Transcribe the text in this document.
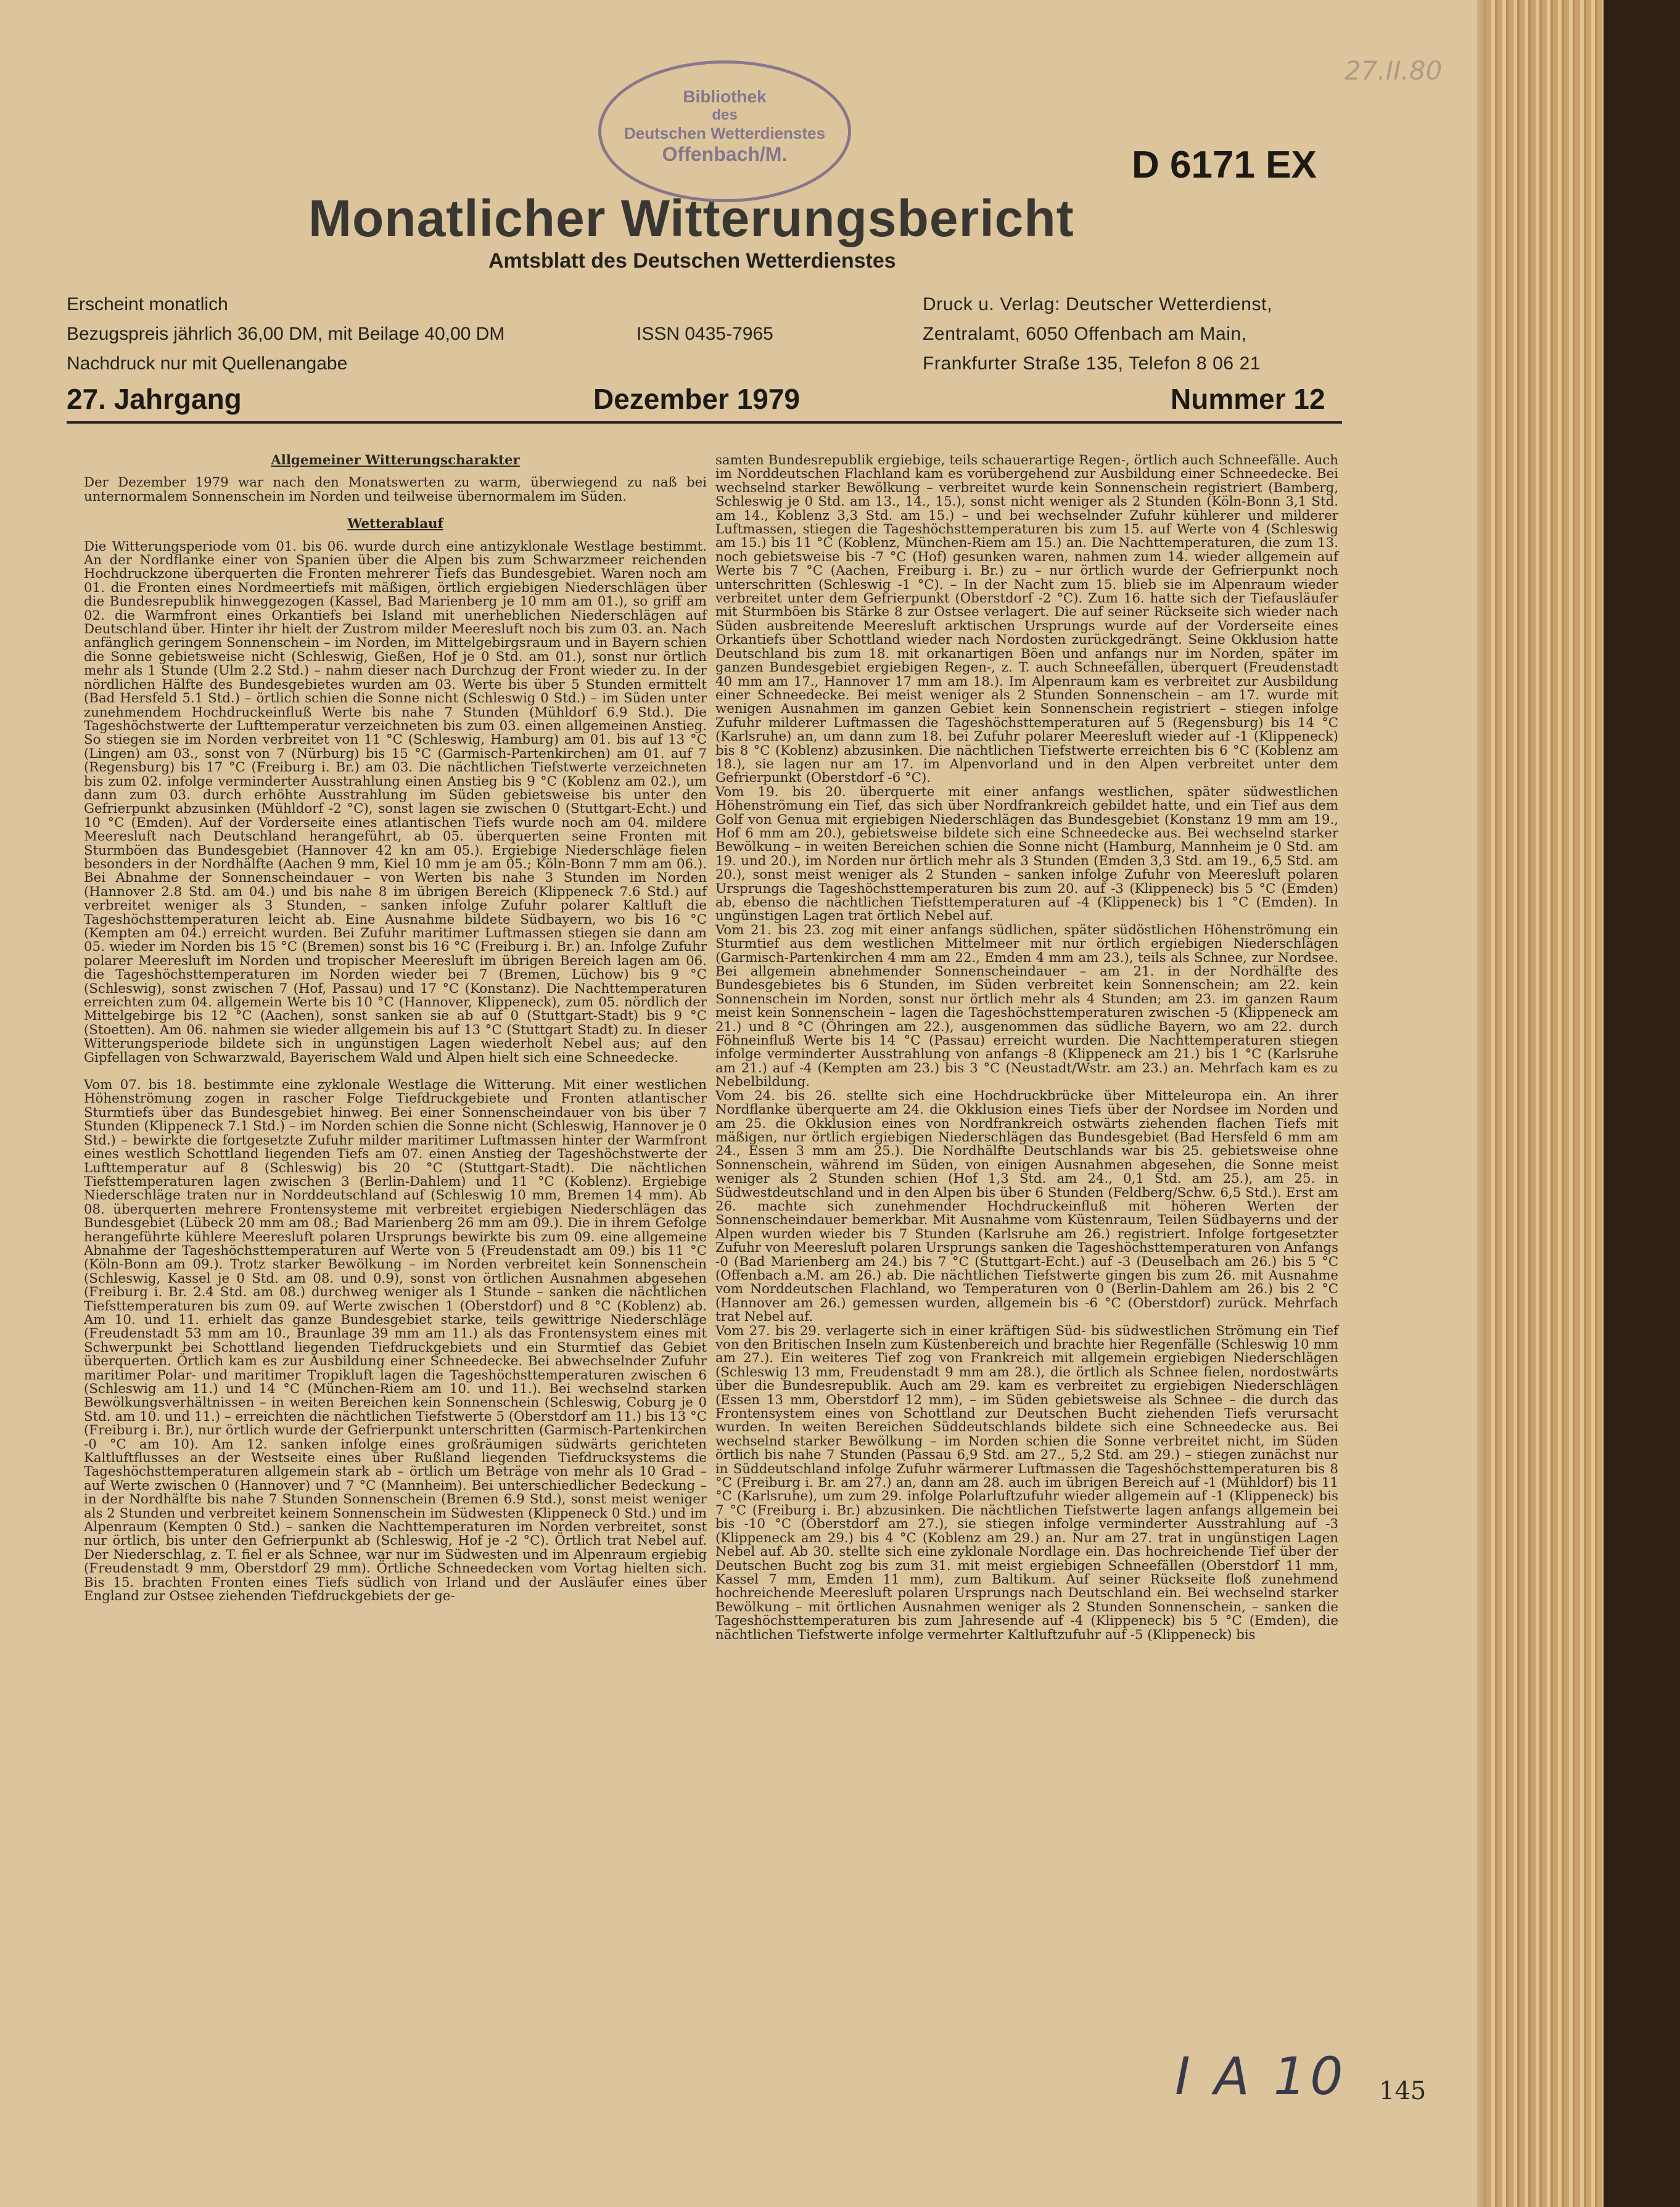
Bibliothek
des
Deutschen Wetterdienstes
Offenbach/M.
27.II.80
D 6171 EX
Monatlicher Witterungsbericht
Amtsblatt des Deutschen Wetterdienstes
Erscheint monatlich
Bezugspreis jährlich 36,00 DM, mit Beilage 40,00 DM
Nachdruck nur mit Quellenangabe
ISSN 0435-7965
Druck u. Verlag: Deutscher Wetterdienst,
Zentralamt, 6050 Offenbach am Main,
Frankfurter Straße 135, Telefon 8 06 21
27. Jahrgang	Dezember 1979	Nummer 12

Allgemeiner Witterungscharakter

Der Dezember 1979 war nach den Monatswerten zu warm, überwiegend zu naß bei unternormalem Sonnenschein im Norden und teilweise übernormalem im Süden.

Wetterablauf

Die Witterungsperiode vom 01. bis 06. wurde durch eine antizyklonale Westlage bestimmt. An der Nordflanke einer von Spanien über die Alpen bis zum Schwarzmeer reichenden Hochdruckzone überquerten die Fronten mehrerer Tiefs das Bundesgebiet. Waren noch am 01. die Fronten eines Nordmeertiefs mit mäßigen, örtlich ergiebigen Niederschlägen über die Bundesrepublik hinweggezogen (Kassel, Bad Marienberg je 10 mm am 01.), so griff am 02. die Warmfront eines Orkantiefs bei Island mit unerheblichen Niederschlägen auf Deutschland über. Hinter ihr hielt der Zustrom milder Meeresluft noch bis zum 03. an. Nach anfänglich geringem Sonnenschein – im Norden, im Mittelgebirgsraum und in Bayern schien die Sonne gebietsweise nicht (Schleswig, Gießen, Hof je 0 Std. am 01.), sonst nur örtlich mehr als 1 Stunde (Ulm 2.2 Std.) – nahm dieser nach Durchzug der Front wieder zu. In der nördlichen Hälfte des Bundesgebietes wurden am 03. Werte bis über 5 Stunden ermittelt (Bad Hersfeld 5.1 Std.) – örtlich schien die Sonne nicht (Schleswig 0 Std.) – im Süden unter zunehmendem Hochdruckeinfluß Werte bis nahe 7 Stunden (Mühldorf 6.9 Std.). Die Tageshöchstwerte der Lufttemperatur verzeichneten bis zum 03. einen allgemeinen Anstieg. So stiegen sie im Norden verbreitet von 11 °C (Schleswig, Hamburg) am 01. bis auf 13 °C (Lingen) am 03., sonst von 7 (Nürburg) bis 15 °C (Garmisch-Partenkirchen) am 01. auf 7 (Regensburg) bis 17 °C (Freiburg i. Br.) am 03. Die nächtlichen Tiefstwerte verzeichneten bis zum 02. infolge verminderter Ausstrahlung einen Anstieg bis 9 °C (Koblenz am 02.), um dann zum 03. durch erhöhte Ausstrahlung im Süden gebietsweise bis unter den Gefrierpunkt abzusinken (Mühldorf -2 °C), sonst lagen sie zwischen 0 (Stuttgart-Echt.) und 10 °C (Emden). Auf der Vorderseite eines atlantischen Tiefs wurde noch am 04. mildere Meeresluft nach Deutschland herangeführt, ab 05. überquerten seine Fronten mit Sturmböen das Bundesgebiet (Hannover 42 kn am 05.). Ergiebige Niederschläge fielen besonders in der Nordhälfte (Aachen 9 mm, Kiel 10 mm je am 05.; Köln-Bonn 7 mm am 06.). Bei Abnahme der Sonnenscheindauer – von Werten bis nahe 3 Stunden im Norden (Hannover 2.8 Std. am 04.) und bis nahe 8 im übrigen Bereich (Klippeneck 7.6 Std.) auf verbreitet weniger als 3 Stunden, – sanken infolge Zufuhr polarer Kaltluft die Tageshöchsttemperaturen leicht ab. Eine Ausnahme bildete Südbayern, wo bis 16 °C (Kempten am 04.) erreicht wurden. Bei Zufuhr maritimer Luftmassen stiegen sie dann am 05. wieder im Norden bis 15 °C (Bremen) sonst bis 16 °C (Freiburg i. Br.) an. Infolge Zufuhr polarer Meeresluft im Norden und tropischer Meeresluft im übrigen Bereich lagen am 06. die Tageshöchsttemperaturen im Norden wieder bei 7 (Bremen, Lüchow) bis 9 °C (Schleswig), sonst zwischen 7 (Hof, Passau) und 17 °C (Konstanz). Die Nachttemperaturen erreichten zum 04. allgemein Werte bis 10 °C (Hannover, Klippeneck), zum 05. nördlich der Mittelgebirge bis 12 °C (Aachen), sonst sanken sie ab auf 0 (Stuttgart-Stadt) bis 9 °C (Stoetten). Am 06. nahmen sie wieder allgemein bis auf 13 °C (Stuttgart Stadt) zu. In dieser Witterungsperiode bildete sich in ungünstigen Lagen wiederholt Nebel aus; auf den Gipfellagen von Schwarzwald, Bayerischem Wald und Alpen hielt sich eine Schneedecke.

Vom 07. bis 18. bestimmte eine zyklonale Westlage die Witterung. Mit einer westlichen Höhenströmung zogen in rascher Folge Tiefdruckgebiete und Fronten atlantischer Sturmtiefs über das Bundesgebiet hinweg. Bei einer Sonnenscheindauer von bis über 7 Stunden (Klippeneck 7.1 Std.) – im Norden schien die Sonne nicht (Schleswig, Hannover je 0 Std.) – bewirkte die fortgesetzte Zufuhr milder maritimer Luftmassen hinter der Warmfront eines westlich Schottland liegenden Tiefs am 07. einen Anstieg der Tageshöchstwerte der Lufttemperatur auf 8 (Schleswig) bis 20 °C (Stuttgart-Stadt). Die nächtlichen Tiefsttemperaturen lagen zwischen 3 (Berlin-Dahlem) und 11 °C (Koblenz). Ergiebige Niederschläge traten nur in Norddeutschland auf (Schleswig 10 mm, Bremen 14 mm). Ab 08. überquerten mehrere Frontensysteme mit verbreitet ergiebigen Niederschlägen das Bundesgebiet (Lübeck 20 mm am 08.; Bad Marienberg 26 mm am 09.). Die in ihrem Gefolge herangeführte kühlere Meeresluft polaren Ursprungs bewirkte bis zum 09. eine allgemeine Abnahme der Tageshöchsttemperaturen auf Werte von 5 (Freudenstadt am 09.) bis 11 °C (Köln-Bonn am 09.). Trotz starker Bewölkung – im Norden verbreitet kein Sonnenschein (Schleswig, Kassel je 0 Std. am 08. und 0.9), sonst von örtlichen Ausnahmen abgesehen (Freiburg i. Br. 2.4 Std. am 08.) durchweg weniger als 1 Stunde – sanken die nächtlichen Tiefsttemperaturen bis zum 09. auf Werte zwischen 1 (Oberstdorf) und 8 °C (Koblenz) ab. Am 10. und 11. erhielt das ganze Bundesgebiet starke, teils gewittrige Niederschläge (Freudenstadt 53 mm am 10., Braunlage 39 mm am 11.) als das Frontensystem eines mit Schwerpunkt bei Schottland liegenden Tiefdruckgebiets und ein Sturmtief das Gebiet überquerten. Örtlich kam es zur Ausbildung einer Schneedecke. Bei abwechselnder Zufuhr maritimer Polar- und maritimer Tropikluft lagen die Tageshöchsttemperaturen zwischen 6 (Schleswig am 11.) und 14 °C (München-Riem am 10. und 11.). Bei wechselnd starken Bewölkungsverhältnissen – in weiten Bereichen kein Sonnenschein (Schleswig, Coburg je 0 Std. am 10. und 11.) – erreichten die nächtlichen Tiefstwerte 5 (Oberstdorf am 11.) bis 13 °C (Freiburg i. Br.), nur örtlich wurde der Gefrierpunkt unterschritten (Garmisch-Partenkirchen -0 °C am 10). Am 12. sanken infolge eines großräumigen südwärts gerichteten Kaltluftflusses an der Westseite eines über Rußland liegenden Tiefdrucksystems die Tageshöchsttemperaturen allgemein stark ab – örtlich um Beträge von mehr als 10 Grad – auf Werte zwischen 0 (Hannover) und 7 °C (Mannheim). Bei unterschiedlicher Bedeckung – in der Nordhälfte bis nahe 7 Stunden Sonnenschein (Bremen 6.9 Std.), sonst meist weniger als 2 Stunden und verbreitet keinem Sonnenschein im Südwesten (Klippeneck 0 Std.) und im Alpenraum (Kempten 0 Std.) – sanken die Nachttemperaturen im Norden verbreitet, sonst nur örtlich, bis unter den Gefrierpunkt ab (Schleswig, Hof je -2 °C). Örtlich trat Nebel auf. Der Niederschlag, z. T. fiel er als Schnee, war nur im Südwesten und im Alpenraum ergiebig (Freudenstadt 9 mm, Oberstdorf 29 mm). Örtliche Schneedecken vom Vortag hielten sich. Bis 15. brachten Fronten eines Tiefs südlich von Irland und der Ausläufer eines über England zur Ostsee ziehenden Tiefdruckgebiets der ge-

samten Bundesrepublik ergiebige, teils schauerartige Regen-, örtlich auch Schneefälle. Auch im Norddeutschen Flachland kam es vorübergehend zur Ausbildung einer Schneedecke. Bei wechselnd starker Bewölkung – verbreitet wurde kein Sonnenschein registriert (Bamberg, Schleswig je 0 Std. am 13., 14., 15.), sonst nicht weniger als 2 Stunden (Köln-Bonn 3,1 Std. am 14., Koblenz 3,3 Std. am 15.) – und bei wechselnder Zufuhr kühlerer und milderer Luftmassen, stiegen die Tageshöchsttemperaturen bis zum 15. auf Werte von 4 (Schleswig am 15.) bis 11 °C (Koblenz, München-Riem am 15.) an. Die Nachttemperaturen, die zum 13. noch gebietsweise bis -7 °C (Hof) gesunken waren, nahmen zum 14. wieder allgemein auf Werte bis 7 °C (Aachen, Freiburg i. Br.) zu – nur örtlich wurde der Gefrierpunkt noch unterschritten (Schleswig -1 °C). – In der Nacht zum 15. blieb sie im Alpenraum wieder verbreitet unter dem Gefrierpunkt (Oberstdorf -2 °C). Zum 16. hatte sich der Tiefausläufer mit Sturmböen bis Stärke 8 zur Ostsee verlagert. Die auf seiner Rückseite sich wieder nach Süden ausbreitende Meeresluft arktischen Ursprungs wurde auf der Vorderseite eines Orkantiefs über Schottland wieder nach Nordosten zurückgedrängt. Seine Okklusion hatte Deutschland bis zum 18. mit orkanartigen Böen und anfangs nur im Norden, später im ganzen Bundesgebiet ergiebigen Regen-, z. T. auch Schneefällen, überquert (Freudenstadt 40 mm am 17., Hannover 17 mm am 18.). Im Alpenraum kam es verbreitet zur Ausbildung einer Schneedecke. Bei meist weniger als 2 Stunden Sonnenschein – am 17. wurde mit wenigen Ausnahmen im ganzen Gebiet kein Sonnenschein registriert – stiegen infolge Zufuhr milderer Luftmassen die Tageshöchsttemperaturen auf 5 (Regensburg) bis 14 °C (Karlsruhe) an, um dann zum 18. bei Zufuhr polarer Meeresluft wieder auf -1 (Klippeneck) bis 8 °C (Koblenz) abzusinken. Die nächtlichen Tiefstwerte erreichten bis 6 °C (Koblenz am 18.), sie lagen nur am 17. im Alpenvorland und in den Alpen verbreitet unter dem Gefrierpunkt (Oberstdorf -6 °C).

Vom 19. bis 20. überquerte mit einer anfangs westlichen, später südwestlichen Höhenströmung ein Tief, das sich über Nordfrankreich gebildet hatte, und ein Tief aus dem Golf von Genua mit ergiebigen Niederschlägen das Bundesgebiet (Konstanz 19 mm am 19., Hof 6 mm am 20.), gebietsweise bildete sich eine Schneedecke aus. Bei wechselnd starker Bewölkung – in weiten Bereichen schien die Sonne nicht (Hamburg, Mannheim je 0 Std. am 19. und 20.), im Norden nur örtlich mehr als 3 Stunden (Emden 3,3 Std. am 19., 6,5 Std. am 20.), sonst meist weniger als 2 Stunden – sanken infolge Zufuhr von Meeresluft polaren Ursprungs die Tageshöchsttemperaturen bis zum 20. auf -3 (Klippeneck) bis 5 °C (Emden) ab, ebenso die nächtlichen Tiefsttemperaturen auf -4 (Klippeneck) bis 1 °C (Emden). In ungünstigen Lagen trat örtlich Nebel auf.

Vom 21. bis 23. zog mit einer anfangs südlichen, später südöstlichen Höhenströmung ein Sturmtief aus dem westlichen Mittelmeer mit nur örtlich ergiebigen Niederschlägen (Garmisch-Partenkirchen 4 mm am 22., Emden 4 mm am 23.), teils als Schnee, zur Nordsee. Bei allgemein abnehmender Sonnenscheindauer – am 21. in der Nordhälfte des Bundesgebietes bis 6 Stunden, im Süden verbreitet kein Sonnenschein; am 22. kein Sonnenschein im Norden, sonst nur örtlich mehr als 4 Stunden; am 23. im ganzen Raum meist kein Sonnenschein – lagen die Tageshöchsttemperaturen zwischen -5 (Klippeneck am 21.) und 8 °C (Öhringen am 22.), ausgenommen das südliche Bayern, wo am 22. durch Föhneinfluß Werte bis 14 °C (Passau) erreicht wurden. Die Nachttemperaturen stiegen infolge verminderter Ausstrahlung von anfangs -8 (Klippeneck am 21.) bis 1 °C (Karlsruhe am 21.) auf -4 (Kempten am 23.) bis 3 °C (Neustadt/Wstr. am 23.) an. Mehrfach kam es zu Nebelbildung.

Vom 24. bis 26. stellte sich eine Hochdruckbrücke über Mitteleuropa ein. An ihrer Nordflanke überquerte am 24. die Okklusion eines Tiefs über der Nordsee im Norden und am 25. die Okklusion eines von Nordfrankreich ostwärts ziehenden flachen Tiefs mit mäßigen, nur örtlich ergiebigen Niederschlägen das Bundesgebiet (Bad Hersfeld 6 mm am 24., Essen 3 mm am 25.). Die Nordhälfte Deutschlands war bis 25. gebietsweise ohne Sonnenschein, während im Süden, von einigen Ausnahmen abgesehen, die Sonne meist weniger als 2 Stunden schien (Hof 1,3 Std. am 24., 0,1 Std. am 25.), am 25. in Südwestdeutschland und in den Alpen bis über 6 Stunden (Feldberg/Schw. 6,5 Std.). Erst am 26. machte sich zunehmender Hochdruckeinfluß mit höheren Werten der Sonnenscheindauer bemerkbar. Mit Ausnahme vom Küstenraum, Teilen Südbayerns und der Alpen wurden wieder bis 7 Stunden (Karlsruhe am 26.) registriert. Infolge fortgesetzter Zufuhr von Meeresluft polaren Ursprungs sanken die Tageshöchsttemperaturen von Anfangs -0 (Bad Marienberg am 24.) bis 7 °C (Stuttgart-Echt.) auf -3 (Deuselbach am 26.) bis 5 °C (Offenbach a.M. am 26.) ab. Die nächtlichen Tiefstwerte gingen bis zum 26. mit Ausnahme vom Norddeutschen Flachland, wo Temperaturen von 0 (Berlin-Dahlem am 26.) bis 2 °C (Hannover am 26.) gemessen wurden, allgemein bis -6 °C (Oberstdorf) zurück. Mehrfach trat Nebel auf.

Vom 27. bis 29. verlagerte sich in einer kräftigen Süd- bis südwestlichen Strömung ein Tief von den Britischen Inseln zum Küstenbereich und brachte hier Regenfälle (Schleswig 10 mm am 27.). Ein weiteres Tief zog von Frankreich mit allgemein ergiebigen Niederschlägen (Schleswig 13 mm, Freudenstadt 9 mm am 28.), die örtlich als Schnee fielen, nordostwärts über die Bundesrepublik. Auch am 29. kam es verbreitet zu ergiebigen Niederschlägen (Essen 13 mm, Oberstdorf 12 mm), – im Süden gebietsweise als Schnee – die durch das Frontensystem eines von Schottland zur Deutschen Bucht ziehenden Tiefs verursacht wurden. In weiten Bereichen Süddeutschlands bildete sich eine Schneedecke aus. Bei wechselnd starker Bewölkung – im Norden schien die Sonne verbreitet nicht, im Süden örtlich bis nahe 7 Stunden (Passau 6,9 Std. am 27., 5,2 Std. am 29.) – stiegen zunächst nur in Süddeutschland infolge Zufuhr wärmerer Luftmassen die Tageshöchsttemperaturen bis 8 °C (Freiburg i. Br. am 27.) an, dann am 28. auch im übrigen Bereich auf -1 (Mühldorf) bis 11 °C (Karlsruhe), um zum 29. infolge Polarluftzufuhr wieder allgemein auf -1 (Klippeneck) bis 7 °C (Freiburg i. Br.) abzusinken. Die nächtlichen Tiefstwerte lagen anfangs allgemein bei bis -10 °C (Oberstdorf am 27.), sie stiegen infolge verminderter Ausstrahlung auf -3 (Klippeneck am 29.) bis 4 °C (Koblenz am 29.) an. Nur am 27. trat in ungünstigen Lagen Nebel auf. Ab 30. stellte sich eine zyklonale Nordlage ein. Das hochreichende Tief über der Deutschen Bucht zog bis zum 31. mit meist ergiebigen Schneefällen (Oberstdorf 11 mm, Kassel 7 mm, Emden 11 mm), zum Baltikum. Auf seiner Rückseite floß zunehmend hochreichende Meeresluft polaren Ursprungs nach Deutschland ein. Bei wechselnd starker Bewölkung – mit örtlichen Ausnahmen weniger als 2 Stunden Sonnenschein, – sanken die Tageshöchsttemperaturen bis zum Jahresende auf -4 (Klippeneck) bis 5 °C (Emden), die nächtlichen Tiefstwerte infolge vermehrter Kaltluftzufuhr auf -5 (Klippeneck) bis

I A 10 145
